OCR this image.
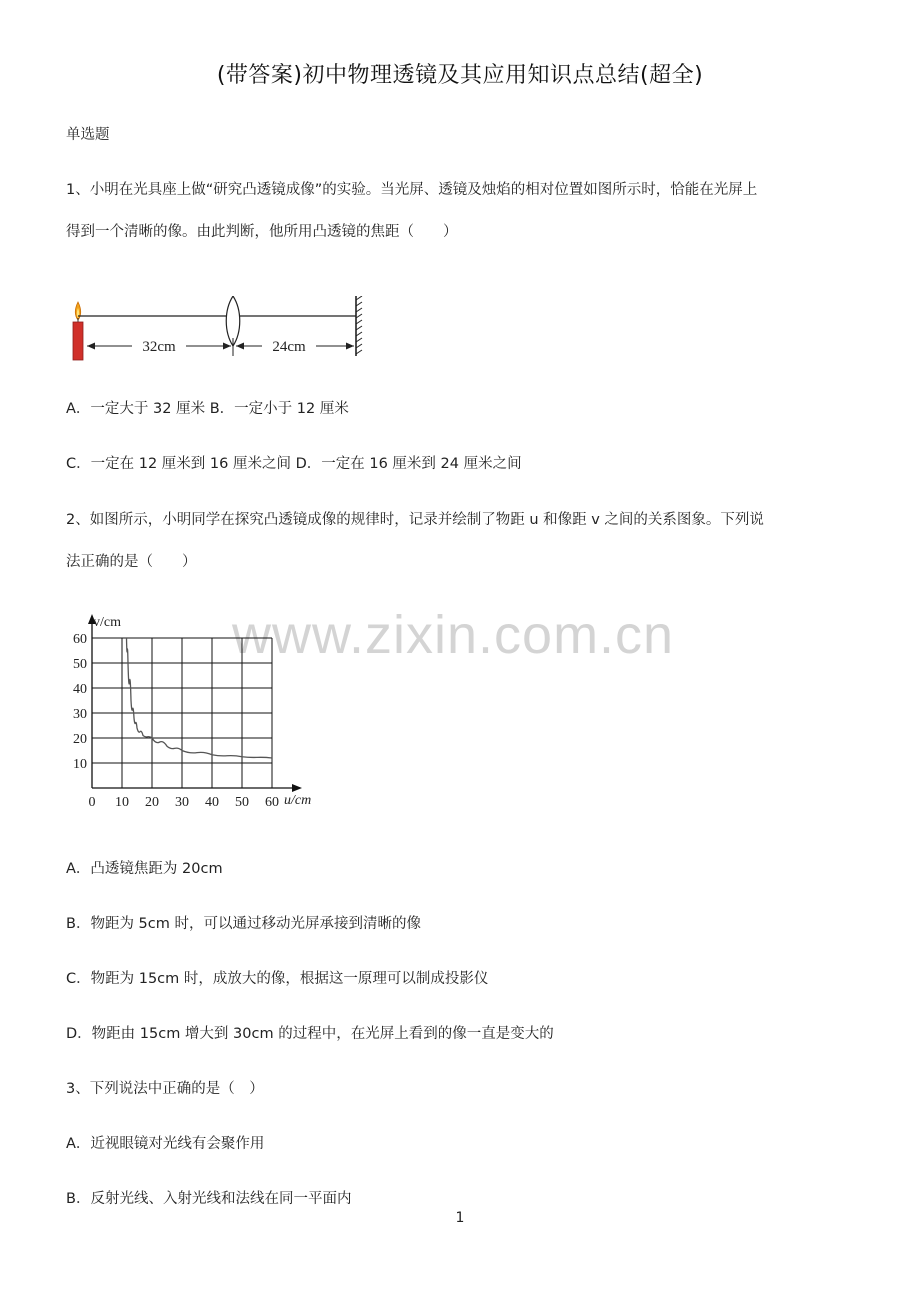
(带答案)初中物理透镜及其应用知识点总结(超全)
单选题
1、小明在光具座上做“研究凸透镜成像”的实验。当光屏、透镜及烛焰的相对位置如图所示时，恰能在光屏上
得到一个清晰的像。由此判断，他所用凸透镜的焦距（　　）
32cm	24cm
A．一定大于 32 厘米 B．一定小于 12 厘米
C．一定在 12 厘米到 16 厘米之间 D．一定在 16 厘米到 24 厘米之间
2、如图所示，小明同学在探究凸透镜成像的规律时，记录并绘制了物距 u 和像距 v 之间的关系图象。下列说
法正确的是（　　）
www.zixin.com.cn
0 10 20 30 40 50 60
10
20
30
40
50
60
v/cm
u/cm
A．凸透镜焦距为 20cm
B．物距为 5cm 时，可以通过移动光屏承接到清晰的像
C．物距为 15cm 时，成放大的像，根据这一原理可以制成投影仪
D．物距由 15cm 增大到 30cm 的过程中，在光屏上看到的像一直是变大的
3、下列说法中正确的是（　）
A．近视眼镜对光线有会聚作用
B．反射光线、入射光线和法线在同一平面内
1
